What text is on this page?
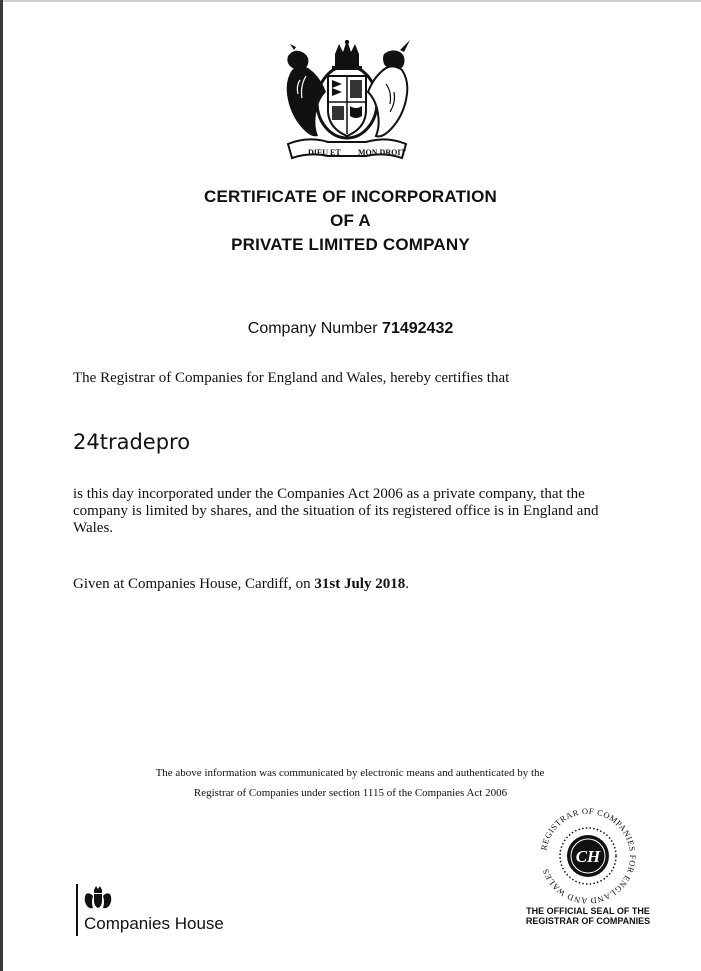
DIEU ET MON DROIT
CERTIFICATE OF INCORPORATION
OF A
PRIVATE LIMITED COMPANY
Company Number 71492432
The Registrar of Companies for England and Wales, hereby certifies that
24tradepro
is this day incorporated under the Companies Act 2006 as a private company, that the company is limited by shares, and the situation of its registered office is in England and Wales.
Given at Companies House, Cardiff, on 31st July 2018.
The above information was communicated by electronic means and authenticated by the
Registrar of Companies under section 1115 of the Companies Act 2006
REGISTRAR OF COMPANIES FOR ENGLAND AND WALES
CH
THE OFFICIAL SEAL OF THE
REGISTRAR OF COMPANIES
Companies House
